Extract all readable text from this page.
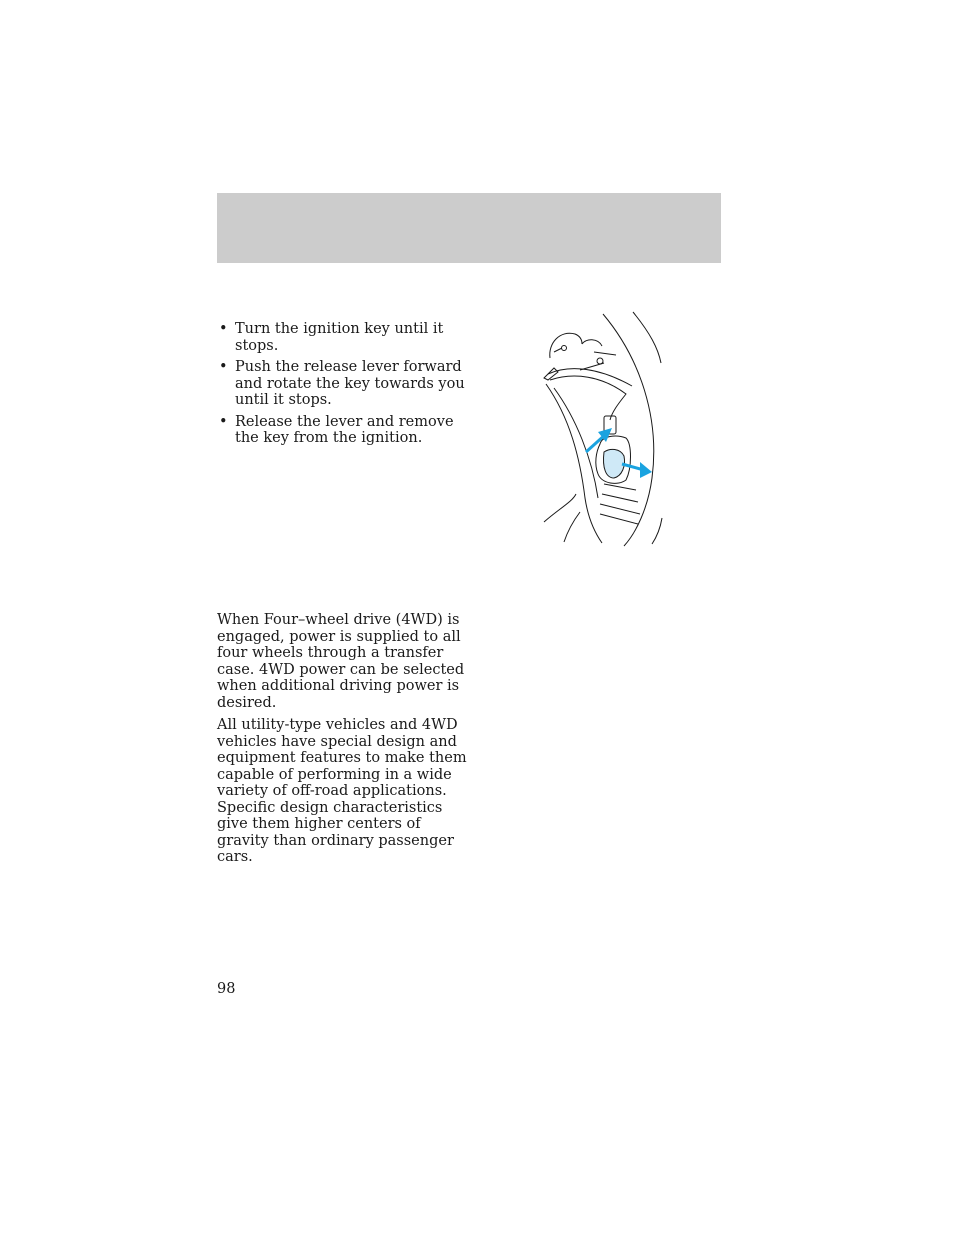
• Turn the ignition key until it stops.
• Push the release lever forward and rotate the key towards you until it stops.
• Release the lever and remove the key from the ignition.

When Four–wheel drive (4WD) is engaged, power is supplied to all four wheels through a transfer case. 4WD power can be selected when additional driving power is desired.

All utility-type vehicles and 4WD vehicles have special design and equipment features to make them capable of performing in a wide variety of off-road applications. Specific design characteristics give them higher centers of gravity than ordinary passenger cars.

98
